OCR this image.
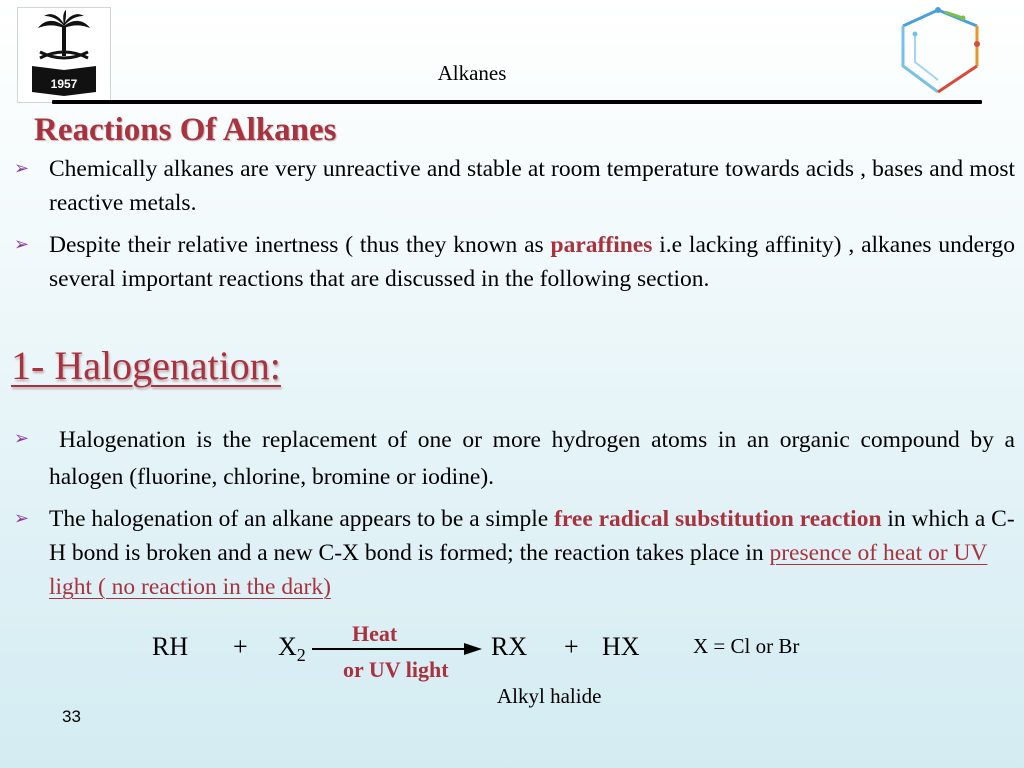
1957	Alkanes
Reactions Of Alkanes
➢ Chemically alkanes are very unreactive and stable at room temperature towards acids , bases and most reactive metals.
➢ Despite their relative inertness ( thus they known as paraffines i.e lacking affinity) , alkanes undergo several important reactions that are discussed in the following section.
1- Halogenation:
➢	Halogenation is the replacement of one or more hydrogen atoms in an organic compound by a halogen (fluorine, chlorine, bromine or iodine).
➢ The halogenation of an alkane appears to be a simple free radical substitution reaction in which a C-H bond is broken and a new C-X bond is formed; the reaction takes place in presence of heat or UV light ( no reaction in the dark)
RH + $X_2$
Heat
or UV light
RX + HX	X = Cl or Br
Alkyl halide
33
